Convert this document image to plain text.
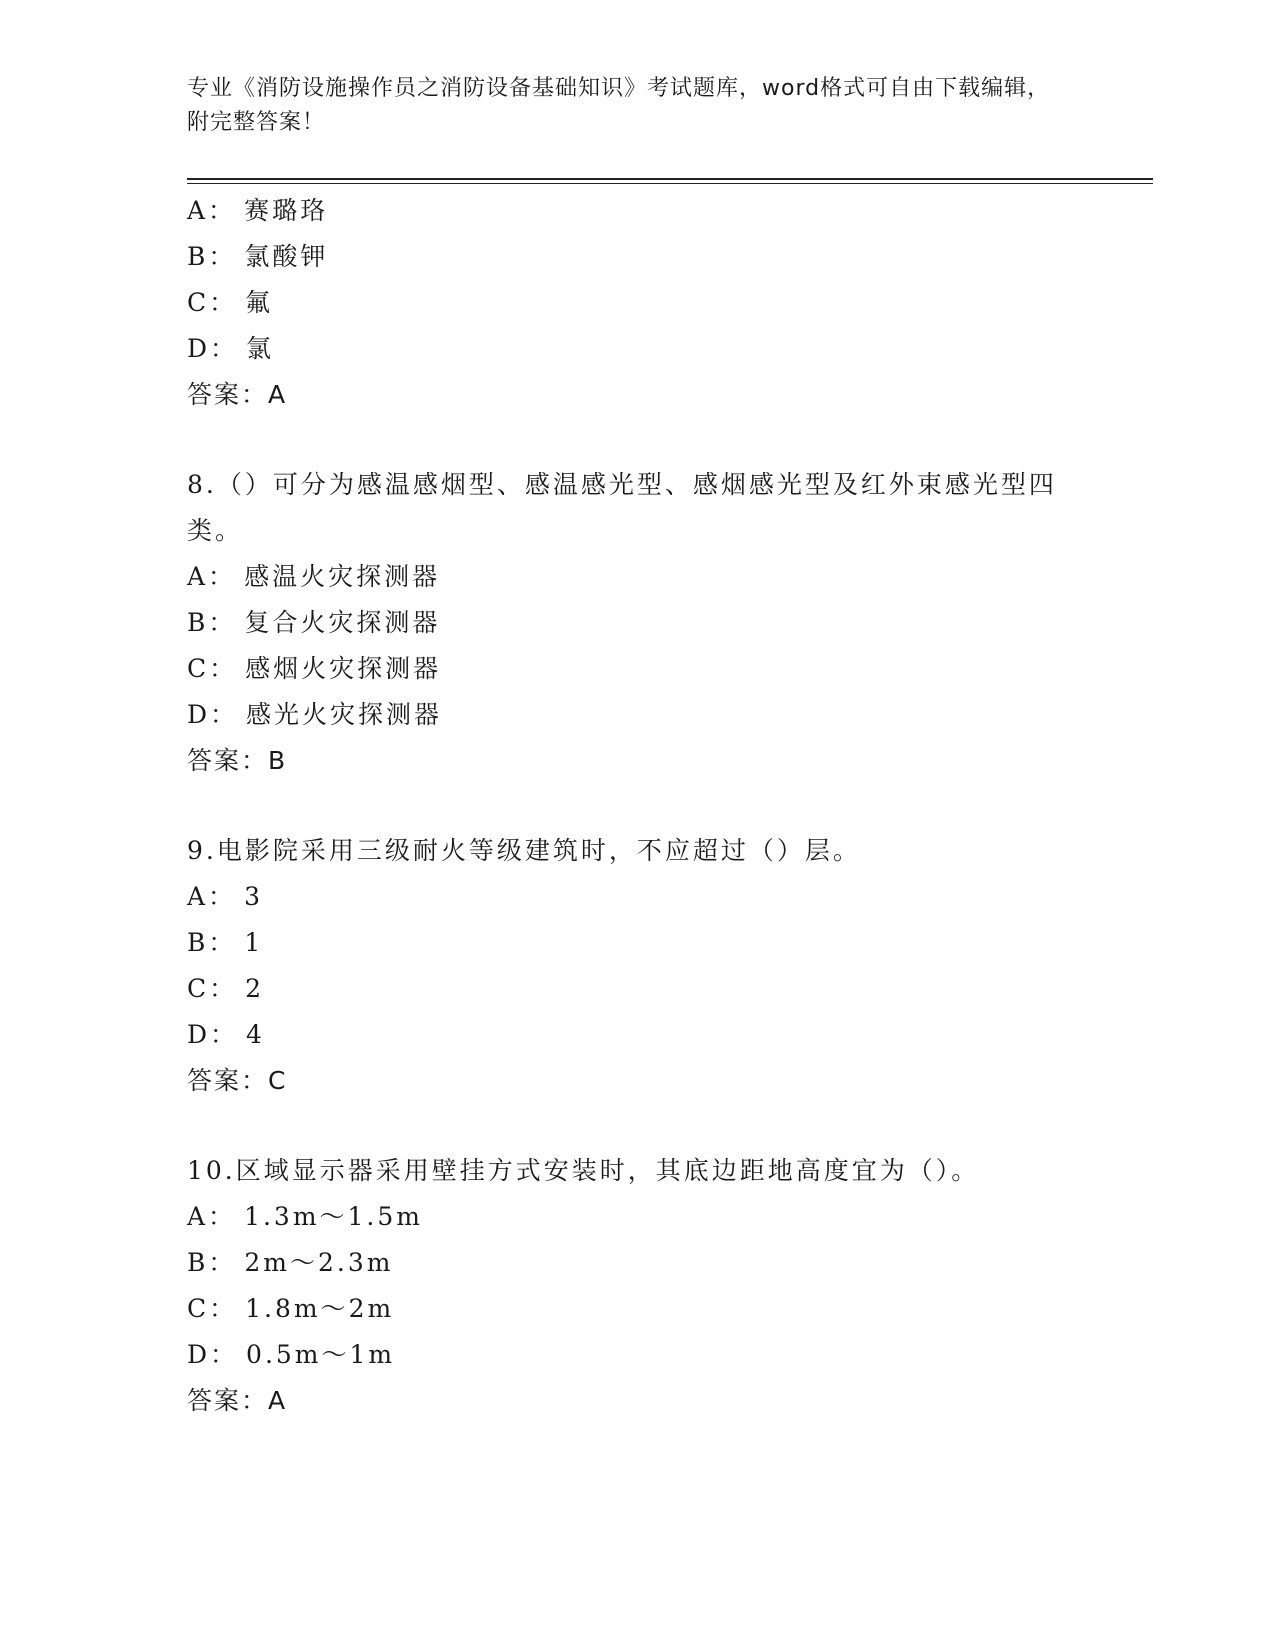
专业《消防设施操作员之消防设备基础知识》考试题库，word格式可自由下载编辑，附完整答案！
A： 赛璐珞
B： 氯酸钾
C： 氟
D： 氯
答案：A
8.（）可分为感温感烟型、感温感光型、感烟感光型及红外束感光型四类。
A： 感温火灾探测器
B： 复合火灾探测器
C： 感烟火灾探测器
D： 感光火灾探测器
答案：B
9.电影院采用三级耐火等级建筑时，不应超过（）层。
A： 3
B： 1
C： 2
D： 4
答案：C
10.区域显示器采用壁挂方式安装时，其底边距地高度宜为（）。
A： 1.3m～1.5m
B： 2m～2.3m
C： 1.8m～2m
D： 0.5m～1m
答案：A
